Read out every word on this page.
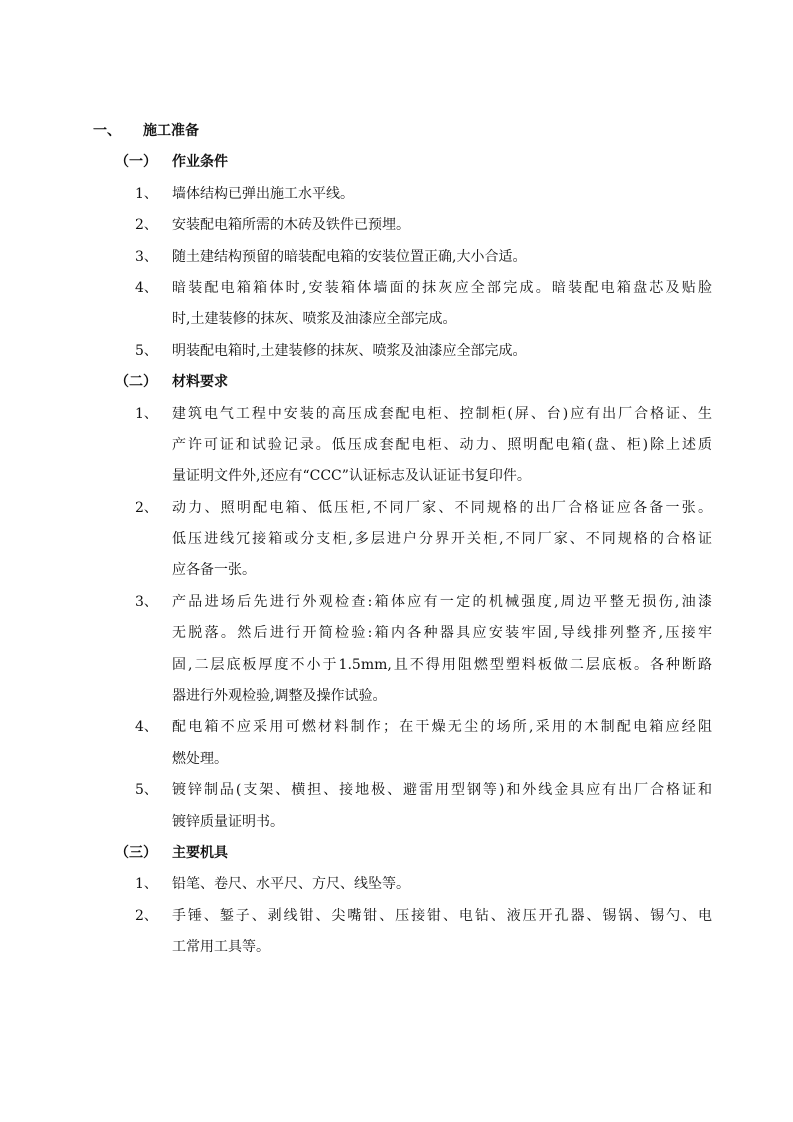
一、 施工准备
（一） 作业条件
1、 墙体结构已弹出施工水平线。
2、 安装配电箱所需的木砖及铁件已预埋。
3、 随土建结构预留的暗装配电箱的安装位置正确,大小合适。
4、 暗装配电箱箱体时,安装箱体墙面的抹灰应全部完成。暗装配电箱盘芯及贴脸
时,土建装修的抹灰、喷浆及油漆应全部完成。
5、 明装配电箱时,土建装修的抹灰、喷浆及油漆应全部完成。
（二） 材料要求
1、 建筑电气工程中安装的高压成套配电柜、控制柜(屏、台)应有出厂合格证、生
产许可证和试验记录。低压成套配电柜、动力、照明配电箱(盘、柜)除上述质
量证明文件外,还应有“CCC”认证标志及认证证书复印件。
2、 动力、照明配电箱、低压柜,不同厂家、不同规格的出厂合格证应各备一张。
低压进线冗接箱或分支柜,多层进户分界开关柜,不同厂家、不同规格的合格证
应各备一张。
3、 产品进场后先进行外观检查:箱体应有一定的机械强度,周边平整无损伤,油漆
无脱落。然后进行开简检验:箱内各种器具应安装牢固,导线排列整齐,压接牢
固,二层底板厚度不小于1.5mm,且不得用阻燃型塑料板做二层底板。各种断路
器进行外观检验,调整及操作试验。
4、 配电箱不应采用可燃材料制作；在干燥无尘的场所,采用的木制配电箱应经阻
燃处理。
5、 镀锌制品(支架、横担、接地极、避雷用型钢等)和外线金具应有出厂合格证和
镀锌质量证明书。
（三） 主要机具
1、 铅笔、卷尺、水平尺、方尺、线坠等。
2、 手锤、錾子、剥线钳、尖嘴钳、压接钳、电钻、液压开孔器、锡锅、锡勺、电
工常用工具等。
